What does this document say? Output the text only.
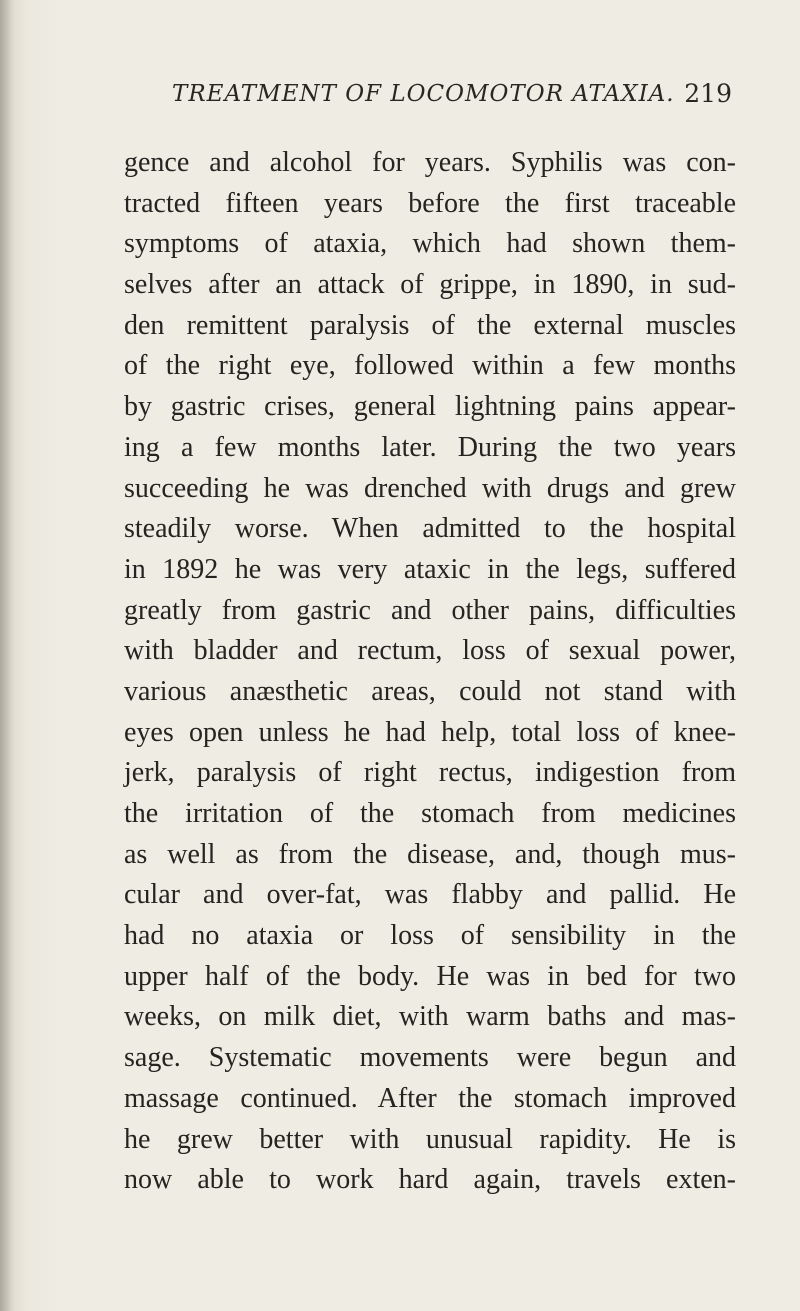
TREATMENT OF LOCOMOTOR ATAXIA. 219
gence and alcohol for years. Syphilis was con-
tracted fifteen years before the first traceable
symptoms of ataxia, which had shown them-
selves after an attack of grippe, in 1890, in sud-
den remittent paralysis of the external muscles
of the right eye, followed within a few months
by gastric crises, general lightning pains appear-
ing a few months later. During the two years
succeeding he was drenched with drugs and grew
steadily worse. When admitted to the hospital
in 1892 he was very ataxic in the legs, suffered
greatly from gastric and other pains, difficulties
with bladder and rectum, loss of sexual power,
various anæsthetic areas, could not stand with
eyes open unless he had help, total loss of knee-
jerk, paralysis of right rectus, indigestion from
the irritation of the stomach from medicines
as well as from the disease, and, though mus-
cular and over-fat, was flabby and pallid. He
had no ataxia or loss of sensibility in the
upper half of the body. He was in bed for two
weeks, on milk diet, with warm baths and mas-
sage. Systematic movements were begun and
massage continued. After the stomach improved
he grew better with unusual rapidity. He is
now able to work hard again, travels exten-
